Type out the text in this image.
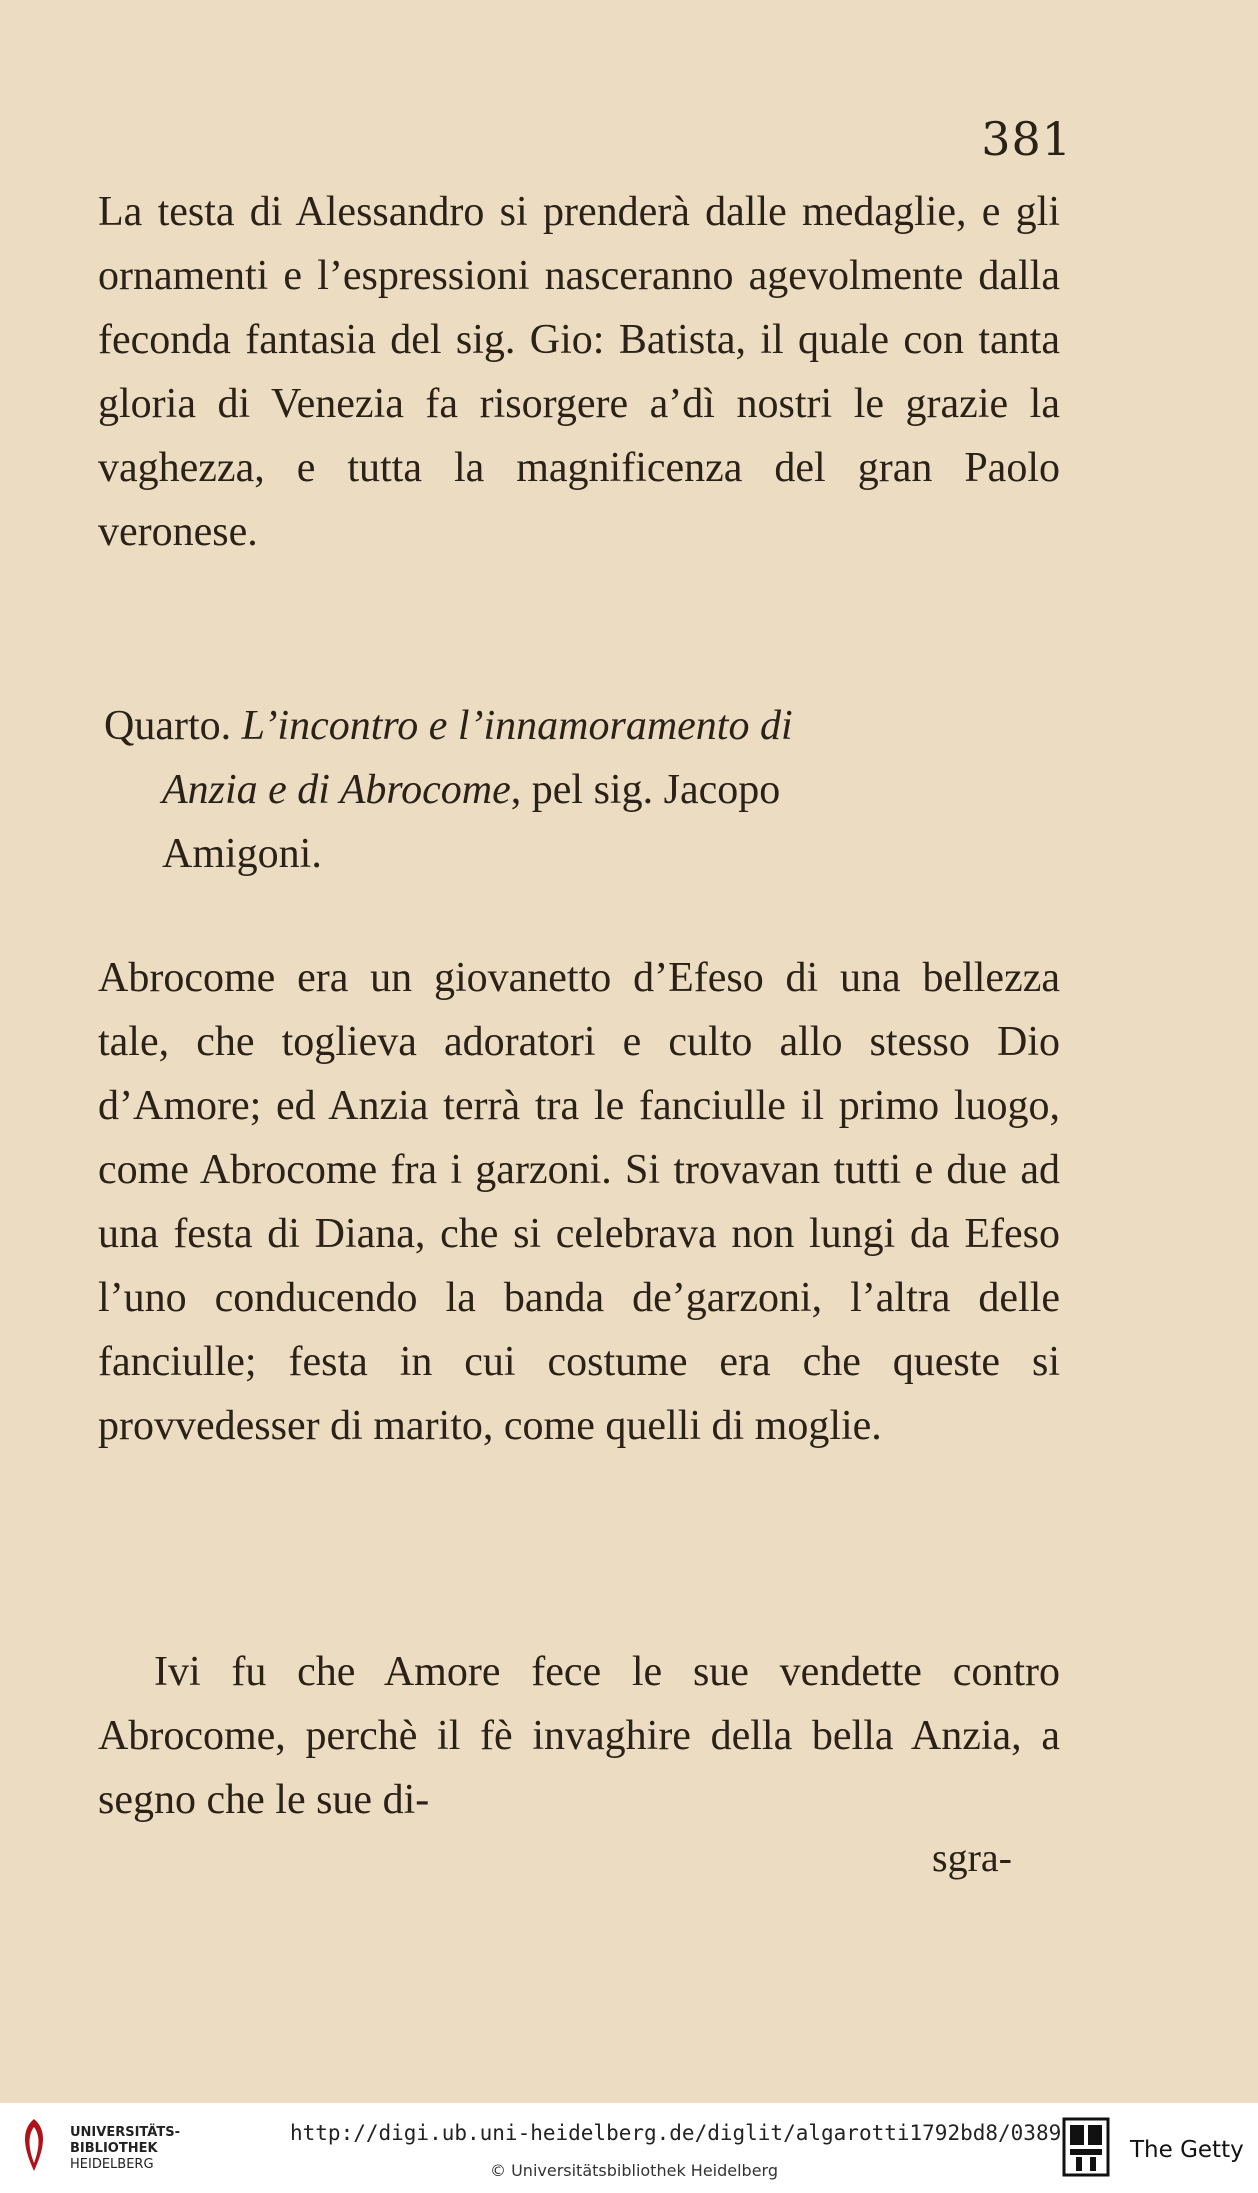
381
La testa di Alessandro si prenderà dalle medaglie, e gli ornamenti e l’espressioni nasceranno agevolmente dalla feconda fantasia del sig. Gio: Batista, il quale con tanta gloria di Venezia fa risorgere a’dì nostri le grazie la vaghezza, e tutta la magnificenza del gran Paolo veronese.
Quarto. L’incontro e l’innamoramento di
Anzia e di Abrocome, pel sig. Jacopo
Amigoni.
Abrocome era un giovanetto d’Efeso di una bellezza tale, che toglieva adoratori e culto allo stesso Dio d’Amore; ed Anzia terrà tra le fanciulle il primo luogo, come Abrocome fra i garzoni. Si trovavan tutti e due ad una festa di Diana, che si celebrava non lungi da Efeso l’uno conducendo la banda de’garzoni, l’altra delle fanciulle; festa in cui costume era che queste si provvedesser di marito, come quelli di moglie.
Ivi fu che Amore fece le sue vendette contro Abrocome, perchè il fè invaghire della bella Anzia, a segno che le sue di-
sgra-
UNIVERSITÄTS-
BIBLIOTHEK
HEIDELBERG
http://digi.ub.uni-heidelberg.de/diglit/algarotti1792bd8/0389
© Universitätsbibliothek Heidelberg
The Getty
